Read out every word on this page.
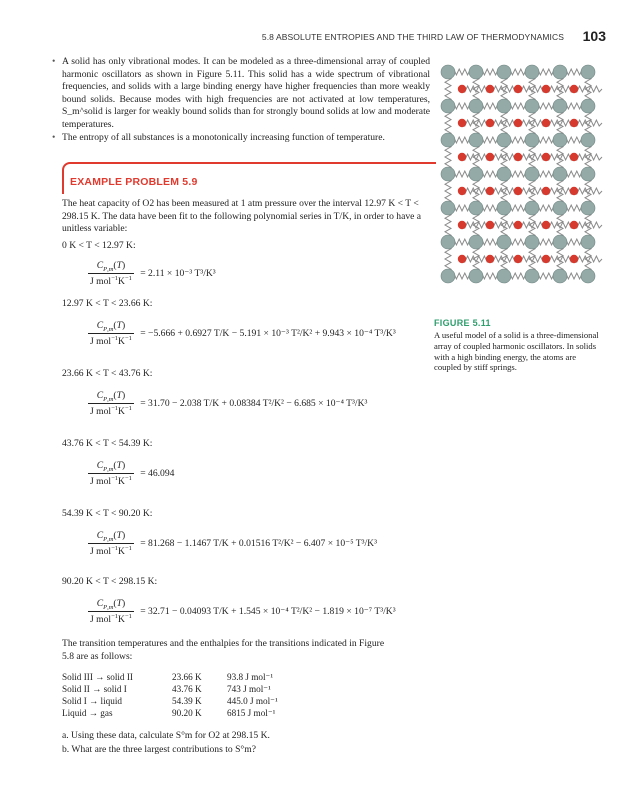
5.8 ABSOLUTE ENTROPIES AND THE THIRD LAW OF THERMODYNAMICS 103
• A solid has only vibrational modes. It can be modeled as a three-dimensional array of coupled harmonic oscillators as shown in Figure 5.11. This solid has a wide spectrum of vibrational frequencies, and solids with a large binding energy have higher frequencies than more weakly bound solids. Because modes with high frequencies are not activated at low temperatures, S_m^solid is larger for weakly bound solids than for strongly bound solids at low and moderate temperatures.
• The entropy of all substances is a monotonically increasing function of temperature.
EXAMPLE PROBLEM 5.9
The heat capacity of O2 has been measured at 1 atm pressure over the interval 12.97 K < T < 298.15 K. The data have been fit to the following polynomial series in T/K, in order to have a unitless variable:
0 K < T < 12.97 K:
$\frac{C_{P,m}(T)}{J mol^{-1}K^{-1}} = 2.11 \times 10^{-3}$ T³/K³
12.97 K < T < 23.66 K:
$\frac{C_{P,m}(T)}{J mol^{-1}K^{-1}} = -5.666 + 0.6927$ T/K − 5.191 × 10⁻³ T²/K² + 9.943 × 10⁻⁴ T³/K³
23.66 K < T < 43.76 K:
$\frac{C_{P,m}(T)}{J mol^{-1}K^{-1}} = 31.70 - 2.038$ T/K + 0.08384 T²/K² − 6.685 × 10⁻⁴ T³/K³
43.76 K < T < 54.39 K:
$\frac{C_{P,m}(T)}{J mol^{-1}K^{-1}} = 46.094$
54.39 K < T < 90.20 K:
$\frac{C_{P,m}(T)}{J mol^{-1}K^{-1}} = 81.268 - 1.1467$ T/K + 0.01516 T²/K² − 6.407 × 10⁻⁵ T³/K³
90.20 K < T < 298.15 K:
$\frac{C_{P,m}(T)}{J mol^{-1}K^{-1}} = 32.71 - 0.04093$ T/K + 1.545 × 10⁻⁴ T²/K² − 1.819 × 10⁻⁷ T³/K³
The transition temperatures and the enthalpies for the transitions indicated in Figure 5.8 are as follows:
Solid III → solid II	23.66 K	93.8 J mol⁻¹
Solid II → solid I	43.76 K	743 J mol⁻¹
Solid I → liquid	54.39 K	445.0 J mol⁻¹
Liquid → gas	90.20 K	6815 J mol⁻¹
a. Using these data, calculate S°m for O2 at 298.15 K.
b. What are the three largest contributions to S°m?
FIGURE 5.11
A useful model of a solid is a three-dimensional array of coupled harmonic oscillators. In solids with a high binding energy, the atoms are coupled by stiff springs.
